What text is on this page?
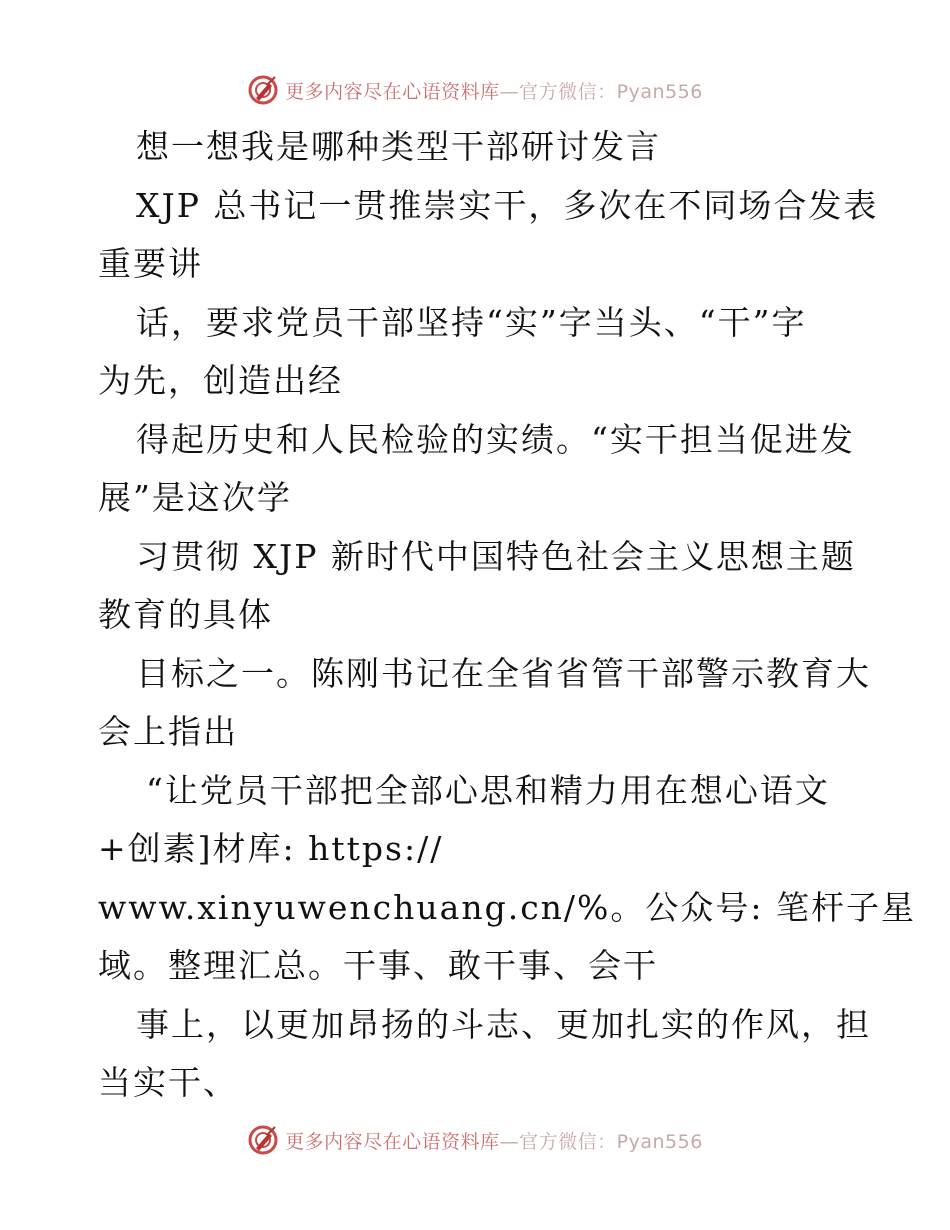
更多内容尽在心语资料库—官方微信：Pyan556
想一想我是哪种类型干部研讨发言
XJP 总书记一贯推崇实干，多次在不同场合发表
重要讲
话，要求党员干部坚持“实”字当头、“干”字
为先，创造出经
得起历史和人民检验的实绩。“实干担当促进发
展”是这次学
习贯彻 XJP 新时代中国特色社会主义思想主题
教育的具体
目标之一。陈刚书记在全省省管干部警示教育大
会上指出
“让党员干部把全部心思和精力用在想心语文
+创素]材库: https://
www.xinyuwenchuang.cn/%。公众号: 笔杆子星
域。整理汇总。干事、敢干事、会干
事上，以更加昂扬的斗志、更加扎实的作风，担
当实干、
更多内容尽在心语资料库—官方微信：Pyan556
